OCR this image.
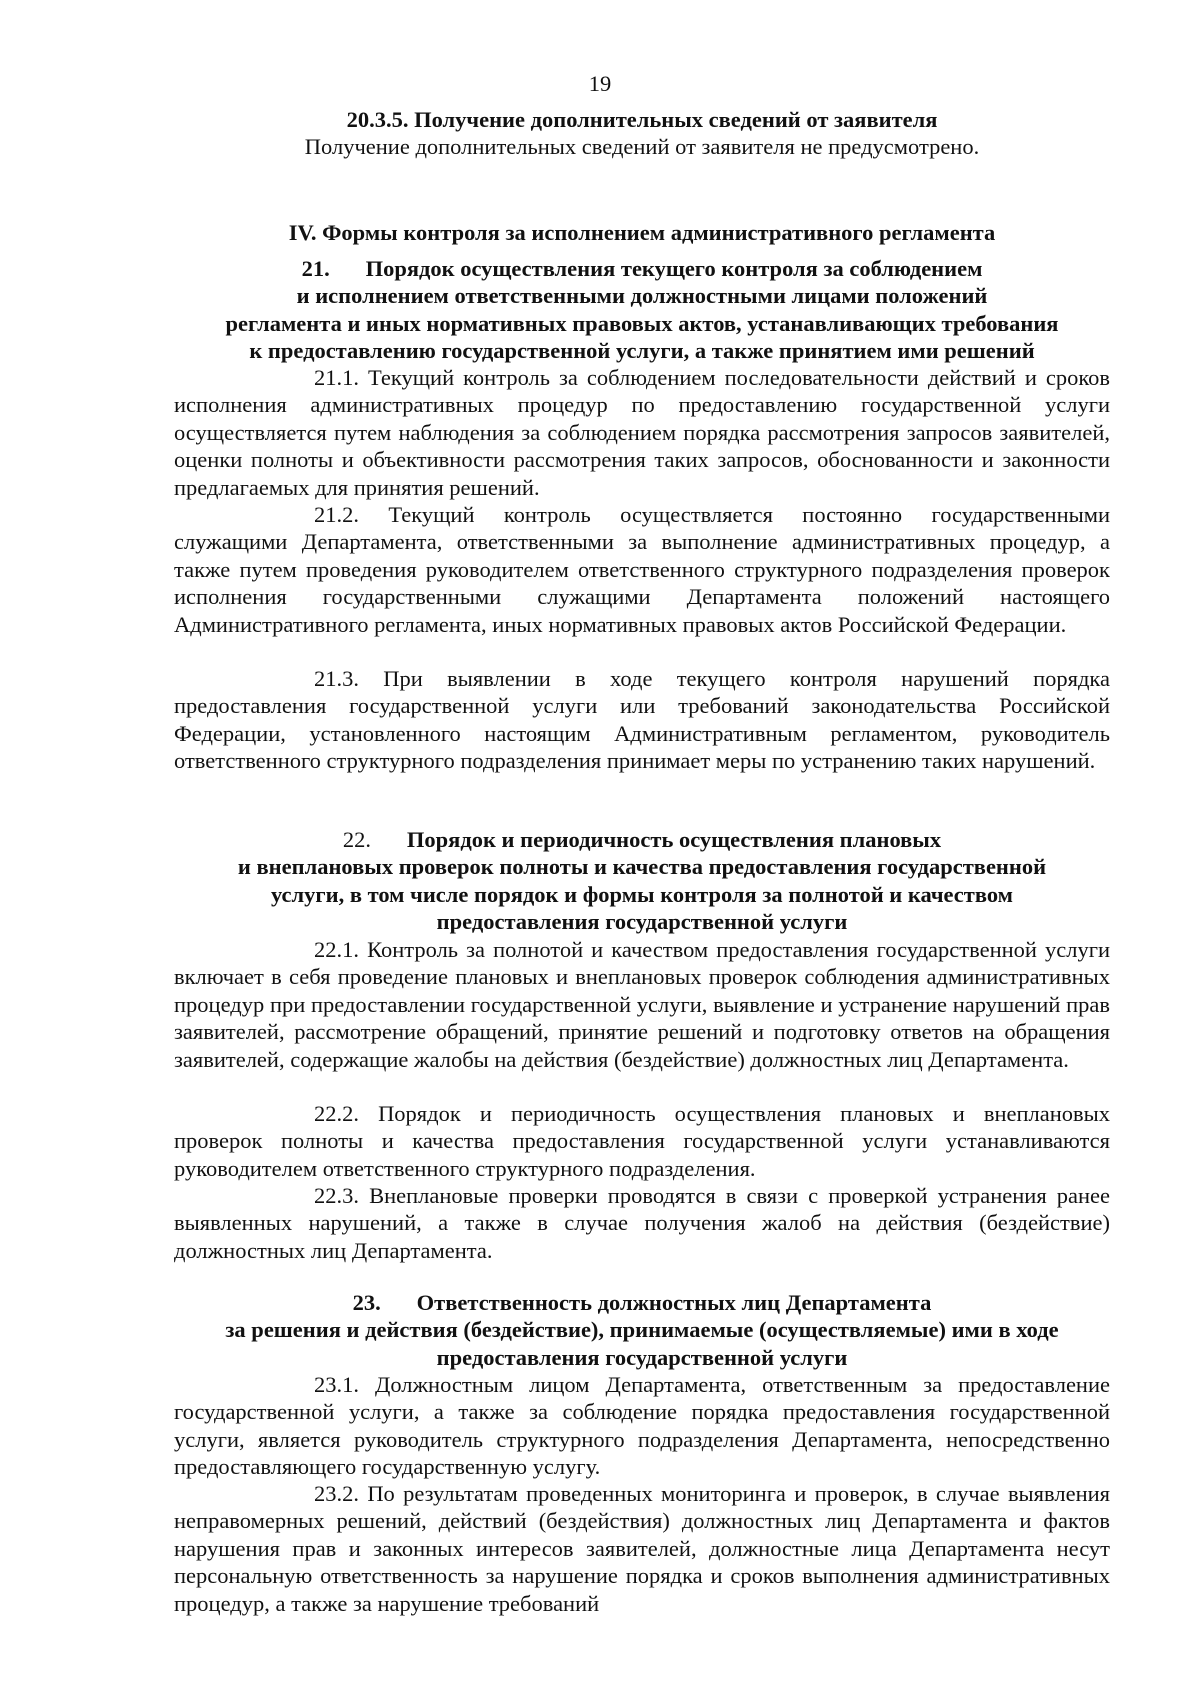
19
20.3.5. Получение дополнительных сведений от заявителя
Получение дополнительных сведений от заявителя не предусмотрено.
IV. Формы контроля за исполнением административного регламента
21. Порядок осуществления текущего контроля за соблюдением
и исполнением ответственными должностными лицами положений
регламента и иных нормативных правовых актов, устанавливающих требования
к предоставлению государственной услуги, а также принятием ими решений
21.1. Текущий контроль за соблюдением последовательности действий и сроков исполнения административных процедур по предоставлению государственной услуги осуществляется путем наблюдения за соблюдением порядка рассмотрения запросов заявителей, оценки полноты и объективности рассмотрения таких запросов, обоснованности и законности предлагаемых для принятия решений.
21.2. Текущий контроль осуществляется постоянно государственными служащими Департамента, ответственными за выполнение административных процедур, а также путем проведения руководителем ответственного структурного подразделения проверок исполнения государственными служащими Департамента положений настоящего Административного регламента, иных нормативных правовых актов Российской Федерации.
21.3. При выявлении в ходе текущего контроля нарушений порядка предоставления государственной услуги или требований законодательства Российской Федерации, установленного настоящим Административным регламентом, руководитель ответственного структурного подразделения принимает меры по устранению таких нарушений.
22. Порядок и периодичность осуществления плановых
и внеплановых проверок полноты и качества предоставления государственной
услуги, в том числе порядок и формы контроля за полнотой и качеством
предоставления государственной услуги
22.1. Контроль за полнотой и качеством предоставления государственной услуги включает в себя проведение плановых и внеплановых проверок соблюдения административных процедур при предоставлении государственной услуги, выявление и устранение нарушений прав заявителей, рассмотрение обращений, принятие решений и подготовку ответов на обращения заявителей, содержащие жалобы на действия (бездействие) должностных лиц Департамента.
22.2. Порядок и периодичность осуществления плановых и внеплановых проверок полноты и качества предоставления государственной услуги устанавливаются руководителем ответственного структурного подразделения.
22.3. Внеплановые проверки проводятся в связи с проверкой устранения ранее выявленных нарушений, а также в случае получения жалоб на действия (бездействие) должностных лиц Департамента.
23. Ответственность должностных лиц Департамента
за решения и действия (бездействие), принимаемые (осуществляемые) ими в ходе
предоставления государственной услуги
23.1. Должностным лицом Департамента, ответственным за предоставление государственной услуги, а также за соблюдение порядка предоставления государственной услуги, является руководитель структурного подразделения Департамента, непосредственно предоставляющего государственную услугу.
23.2. По результатам проведенных мониторинга и проверок, в случае выявления неправомерных решений, действий (бездействия) должностных лиц Департамента и фактов нарушения прав и законных интересов заявителей, должностные лица Департамента несут персональную ответственность за нарушение порядка и сроков выполнения административных процедур, а также за нарушение требований
